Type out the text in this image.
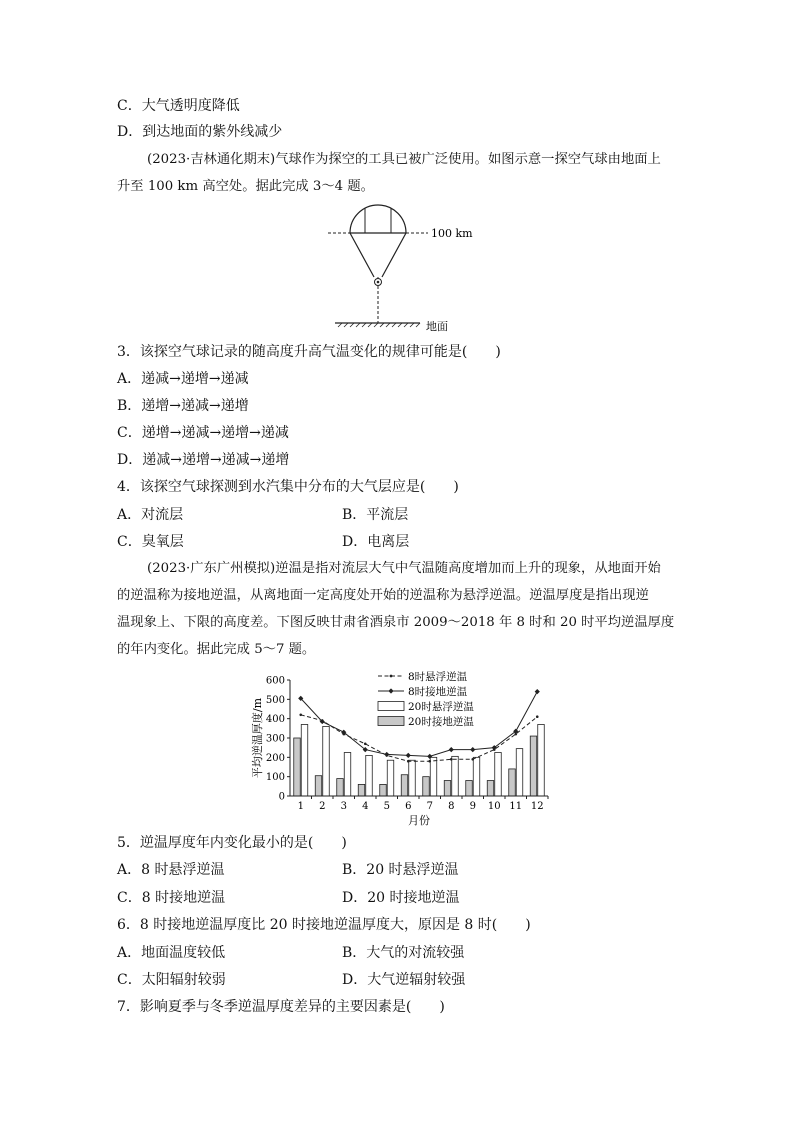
C．大气透明度降低
D．到达地面的紫外线减少
(2023·吉林通化期末)气球作为探空的工具已被广泛使用。如图示意一探空气球由地面上
升至 100 km 高空处。据此完成 3～4 题。
100 km
地面
3．该探空气球记录的随高度升高气温变化的规律可能是(　　)
A．递减→递增→递减
B．递增→递减→递增
C．递增→递减→递增→递减
D．递减→递增→递减→递增
4．该探空气球探测到水汽集中分布的大气层应是(　　)
A．对流层	B．平流层
C．臭氧层	D．电离层
(2023·广东广州模拟)逆温是指对流层大气中气温随高度增加而上升的现象，从地面开始
的逆温称为接地逆温，从离地面一定高度处开始的逆温称为悬浮逆温。逆温厚度是指出现逆
温现象上、下限的高度差。下图反映甘肃省酒泉市 2009～2018 年 8 时和 20 时平均逆温厚度
的年内变化。据此完成 5～7 题。
0
100
200
300
400
500
600
1 2 3 4 5 6 7 8 9 10 11 12
8时悬浮逆温
8时接地逆温
20时悬浮逆温
20时接地逆温
平均逆温厚度/m
月份
5．逆温厚度年内变化最小的是(　　)
A．8 时悬浮逆温	B．20 时悬浮逆温
C．8 时接地逆温	D．20 时接地逆温
6．8 时接地逆温厚度比 20 时接地逆温厚度大，原因是 8 时(　　)
A．地面温度较低	B．大气的对流较强
C．太阳辐射较弱	D．大气逆辐射较强
7．影响夏季与冬季逆温厚度差异的主要因素是(　　)
